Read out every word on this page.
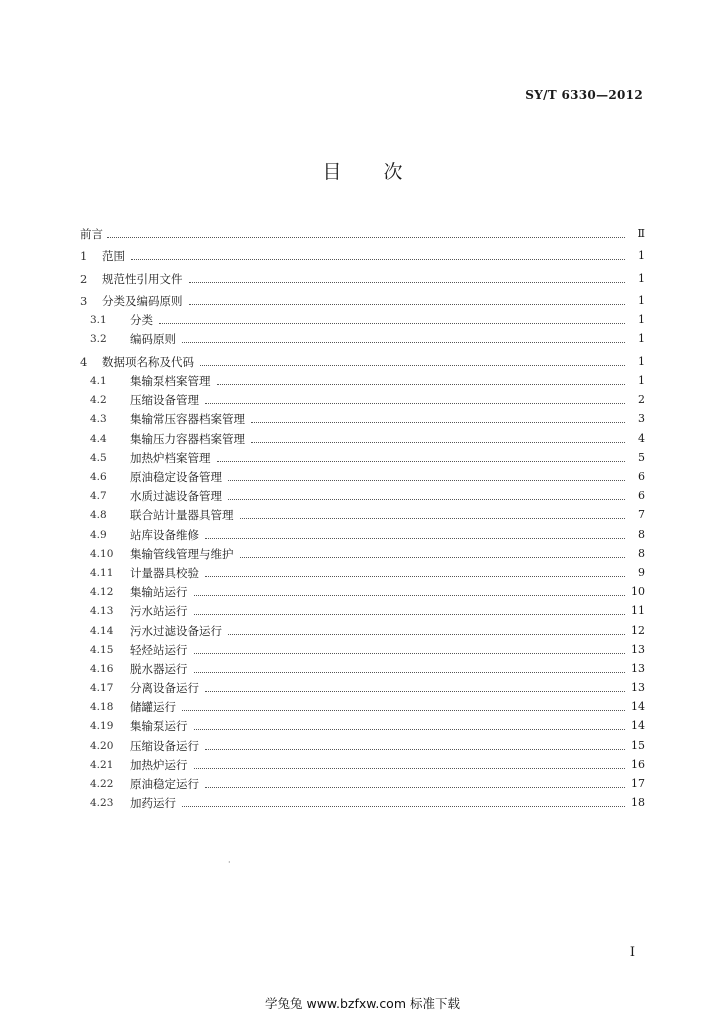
SY/T 6330—2012
目 次
前言	Ⅱ
1	范围	1
2	规范性引用文件	1
3	分类及编码原则	1
3.1	分类	1
3.2	编码原则	1
4	数据项名称及代码	1
4.1	集输泵档案管理	1
4.2	压缩设备管理	2
4.3	集输常压容器档案管理	3
4.4	集输压力容器档案管理	4
4.5	加热炉档案管理	5
4.6	原油稳定设备管理	6
4.7	水质过滤设备管理	6
4.8	联合站计量器具管理	7
4.9	站库设备维修	8
4.10	集输管线管理与维护	8
4.11	计量器具校验	9
4.12	集输站运行	10
4.13	污水站运行	11
4.14	污水过滤设备运行	12
4.15	轻烃站运行	13
4.16	脱水器运行	13
4.17	分离设备运行	13
4.18	储罐运行	14
4.19	集输泵运行	14
4.20	压缩设备运行	15
4.21	加热炉运行	16
4.22	原油稳定运行	17
4.23	加药运行	18
·
I
学兔兔 www.bzfxw.com 标准下载
